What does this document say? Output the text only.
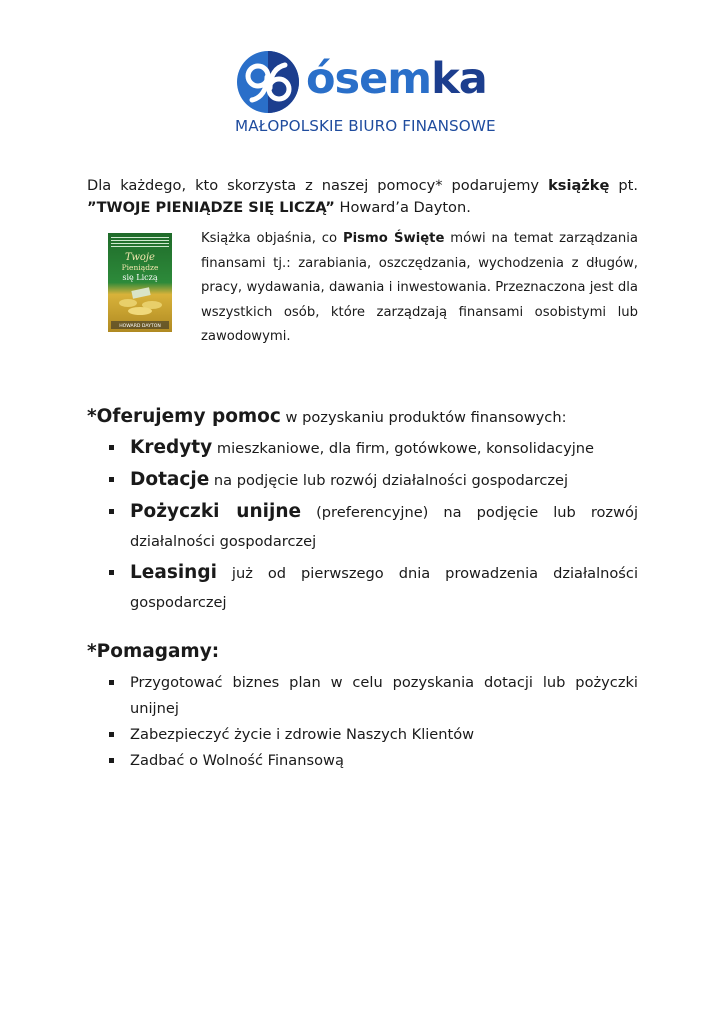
ósemka
MAŁOPOLSKIE BIURO FINANSOWE

Dla każdego, kto skorzysta z naszej pomocy* podarujemy książkę pt.

”TWOJE PIENIĄDZE SIĘ LICZĄ” Howard’a Dayton.

Twoje
Pieniądze
się Liczą
HOWARD DAYTON
Książka objaśnia, co Pismo Święte mówi na temat zarządzania finansami tj.: zarabiania, oszczędzania, wychodzenia z długów, pracy, wydawania, dawania i inwestowania. Przeznaczona jest dla wszystkich osób, które zarządzają finansami osobistymi lub zawodowymi.
*Oferujemy pomoc w pozyskaniu produktów finansowych:
Kredyty mieszkaniowe, dla firm, gotówkowe, konsolidacyjne
Dotacje na podjęcie lub rozwój działalności gospodarczej
Pożyczki unijne (preferencyjne) na podjęcie lub rozwój działalności gospodarczej
Leasingi już od pierwszego dnia prowadzenia działalności gospodarczej
*Pomagamy:
Przygotować biznes plan w celu pozyskania dotacji lub pożyczki unijnej
Zabezpieczyć życie i zdrowie Naszych Klientów
Zadbać o Wolność Finansową
